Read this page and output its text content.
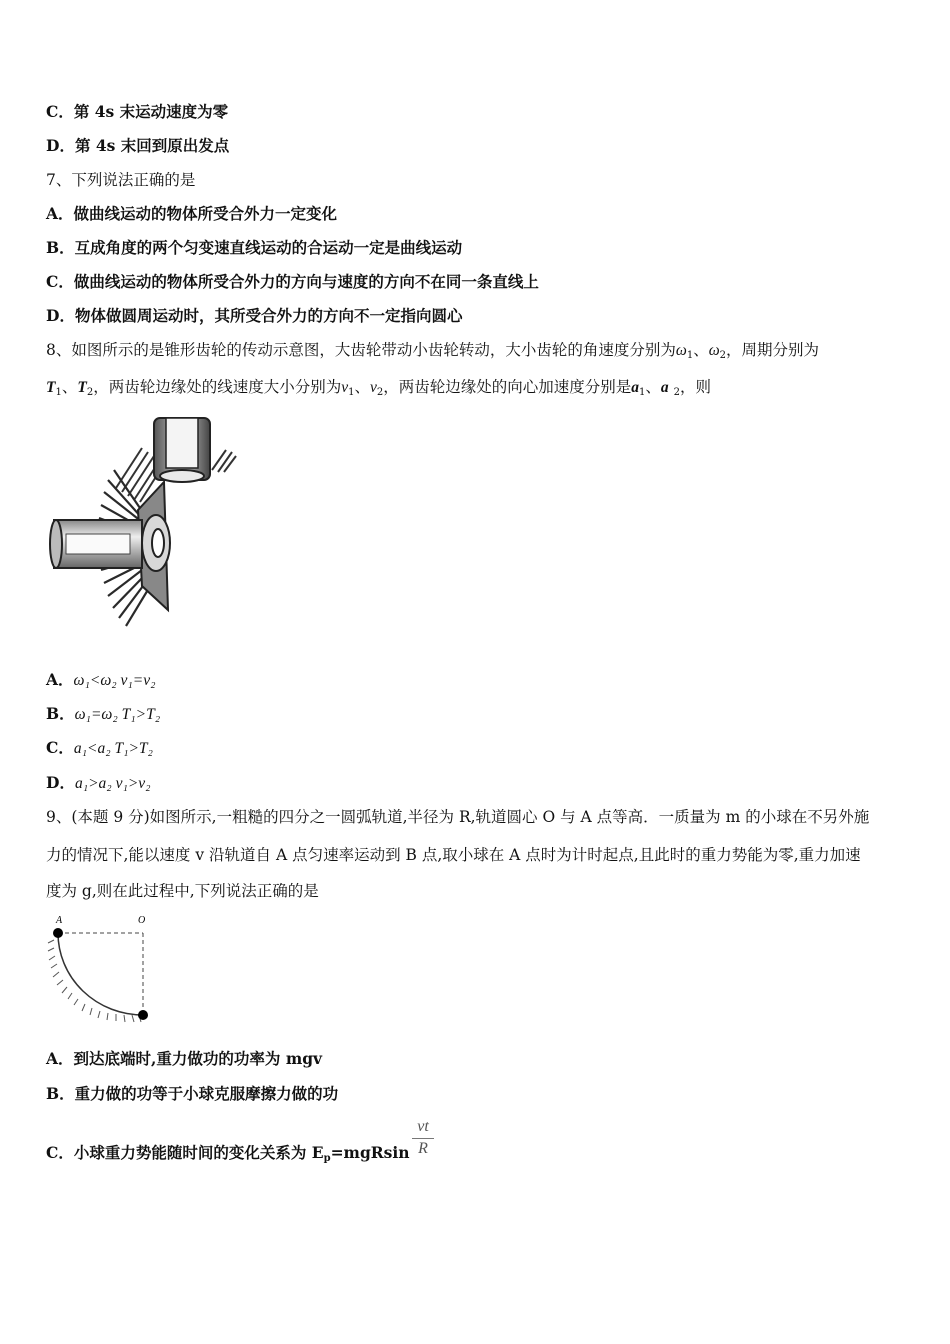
C．第 4s 末运动速度为零
D．第 4s 末回到原出发点
7、下列说法正确的是
A．做曲线运动的物体所受合外力一定变化
B．互成角度的两个匀变速直线运动的合运动一定是曲线运动
C．做曲线运动的物体所受合外力的方向与速度的方向不在同一条直线上
D．物体做圆周运动时，其所受合外力的方向不一定指向圆心
8、如图所示的是锥形齿轮的传动示意图，大齿轮带动小齿轮转动，大小齿轮的角速度分别为$\omega_1$、$\omega_2$，周期分别为
$T_1$、$T_2$，两齿轮边缘处的线速度大小分别为$v_1$、$v_2$，两齿轮边缘处的向心加速度分别是$a_1$、a $_2$，则
A．ω₁<ω₂ v₁=v₂
B．ω₁=ω₂ T₁>T₂
C．a₁<a₂ T₁>T₂
D．a₁>a₂ v₁>v₂
9、(本题 9 分)如图所示,一粗糙的四分之一圆弧轨道,半径为 R,轨道圆心 O 与 A 点等高．一质量为 m 的小球在不另外施
力的情况下,能以速度 v 沿轨道自 A 点匀速率运动到 B 点,取小球在 A 点时为计时起点,且此时的重力势能为零,重力加速
度为 g,则在此过程中,下列说法正确的是
A	O
A．到达底端时,重力做功的功率为 mgv
B．重力做的功等于小球克服摩擦力做的功
C．小球重力势能随时间的变化关系为 $E_p=mgRsin \frac{vt}{R}$
